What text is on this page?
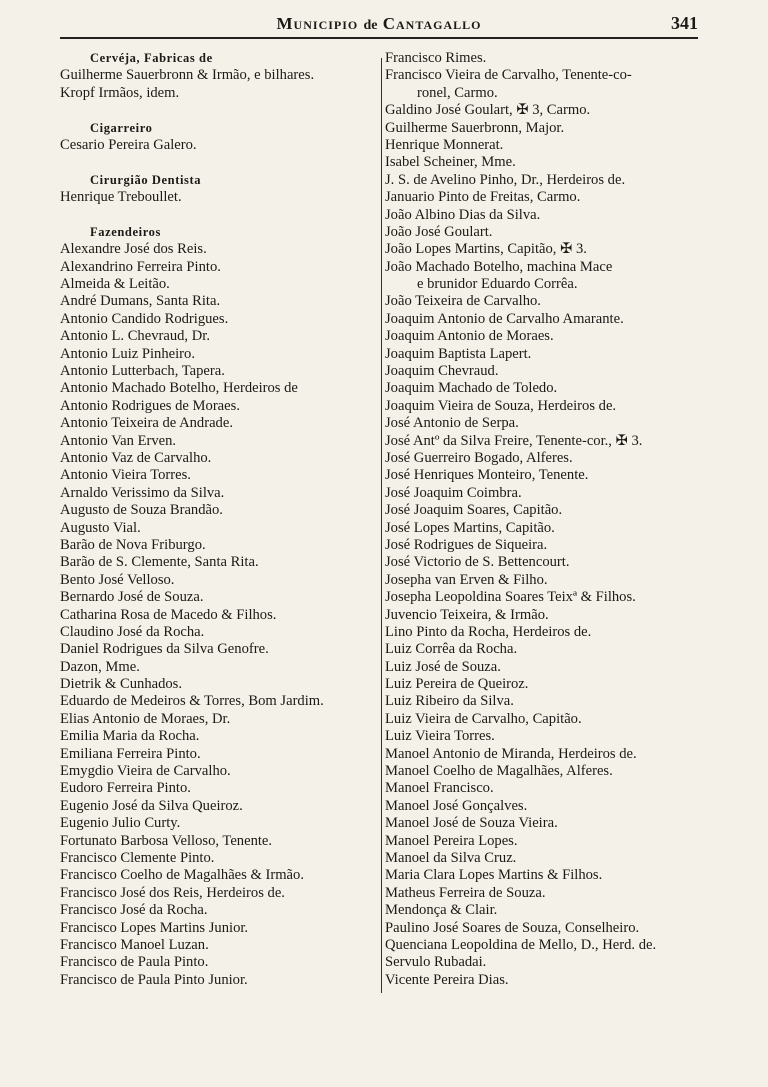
Municipio de Cantagallo	341
Cervéja, Fabricas de
Guilherme Sauerbronn & Irmão, e bilhares.
Kropf Irmãos, idem.
Cigarreiro
Cesario Pereira Galero.
Cirurgião Dentista
Henrique Treboullet.
Fazendeiros
Alexandre José dos Reis.
Alexandrino Ferreira Pinto.
Almeida & Leitão.
André Dumans, Santa Rita.
Antonio Candido Rodrigues.
Antonio L. Chevraud, Dr.
Antonio Luiz Pinheiro.
Antonio Lutterbach, Tapera.
Antonio Machado Botelho, Herdeiros de
Antonio Rodrigues de Moraes.
Antonio Teixeira de Andrade.
Antonio Van Erven.
Antonio Vaz de Carvalho.
Antonio Vieira Torres.
Arnaldo Verissimo da Silva.
Augusto de Souza Brandão.
Augusto Vial.
Barão de Nova Friburgo.
Barão de S. Clemente, Santa Rita.
Bento José Velloso.
Bernardo José de Souza.
Catharina Rosa de Macedo & Filhos.
Claudino José da Rocha.
Daniel Rodrigues da Silva Genofre.
Dazon, Mme.
Dietrik & Cunhados.
Eduardo de Medeiros & Torres, Bom Jardim.
Elias Antonio de Moraes, Dr.
Emilia Maria da Rocha.
Emiliana Ferreira Pinto.
Emygdio Vieira de Carvalho.
Eudoro Ferreira Pinto.
Eugenio José da Silva Queiroz.
Eugenio Julio Curty.
Fortunato Barbosa Velloso, Tenente.
Francisco Clemente Pinto.
Francisco Coelho de Magalhães & Irmão.
Francisco José dos Reis, Herdeiros de.
Francisco José da Rocha.
Francisco Lopes Martins Junior.
Francisco Manoel Luzan.
Francisco de Paula Pinto.
Francisco de Paula Pinto Junior.
Francisco Rimes.
Francisco Vieira de Carvalho, Tenente-co-
ronel, Carmo.
Galdino José Goulart, ✠ 3, Carmo.
Guilherme Sauerbronn, Major.
Henrique Monnerat.
Isabel Scheiner, Mme.
J. S. de Avelino Pinho, Dr., Herdeiros de.
Januario Pinto de Freitas, Carmo.
João Albino Dias da Silva.
João José Goulart.
João Lopes Martins, Capitão, ✠ 3.
João Machado Botelho, machina Mace
e brunidor Eduardo Corrêa.
João Teixeira de Carvalho.
Joaquim Antonio de Carvalho Amarante.
Joaquim Antonio de Moraes.
Joaquim Baptista Lapert.
Joaquim Chevraud.
Joaquim Machado de Toledo.
Joaquim Vieira de Souza, Herdeiros de.
José Antonio de Serpa.
José Antº da Silva Freire, Tenente-cor., ✠ 3.
José Guerreiro Bogado, Alferes.
José Henriques Monteiro, Tenente.
José Joaquim Coimbra.
José Joaquim Soares, Capitão.
José Lopes Martins, Capitão.
José Rodrigues de Siqueira.
José Victorio de S. Bettencourt.
Josepha van Erven & Filho.
Josepha Leopoldina Soares Teixª & Filhos.
Juvencio Teixeira, & Irmão.
Lino Pinto da Rocha, Herdeiros de.
Luiz Corrêa da Rocha.
Luiz José de Souza.
Luiz Pereira de Queiroz.
Luiz Ribeiro da Silva.
Luiz Vieira de Carvalho, Capitão.
Luiz Vieira Torres.
Manoel Antonio de Miranda, Herdeiros de.
Manoel Coelho de Magalhães, Alferes.
Manoel Francisco.
Manoel José Gonçalves.
Manoel José de Souza Vieira.
Manoel Pereira Lopes.
Manoel da Silva Cruz.
Maria Clara Lopes Martins & Filhos.
Matheus Ferreira de Souza.
Mendonça & Clair.
Paulino José Soares de Souza, Conselheiro.
Quenciana Leopoldina de Mello, D., Herd. de.
Servulo Rubadai.
Vicente Pereira Dias.
